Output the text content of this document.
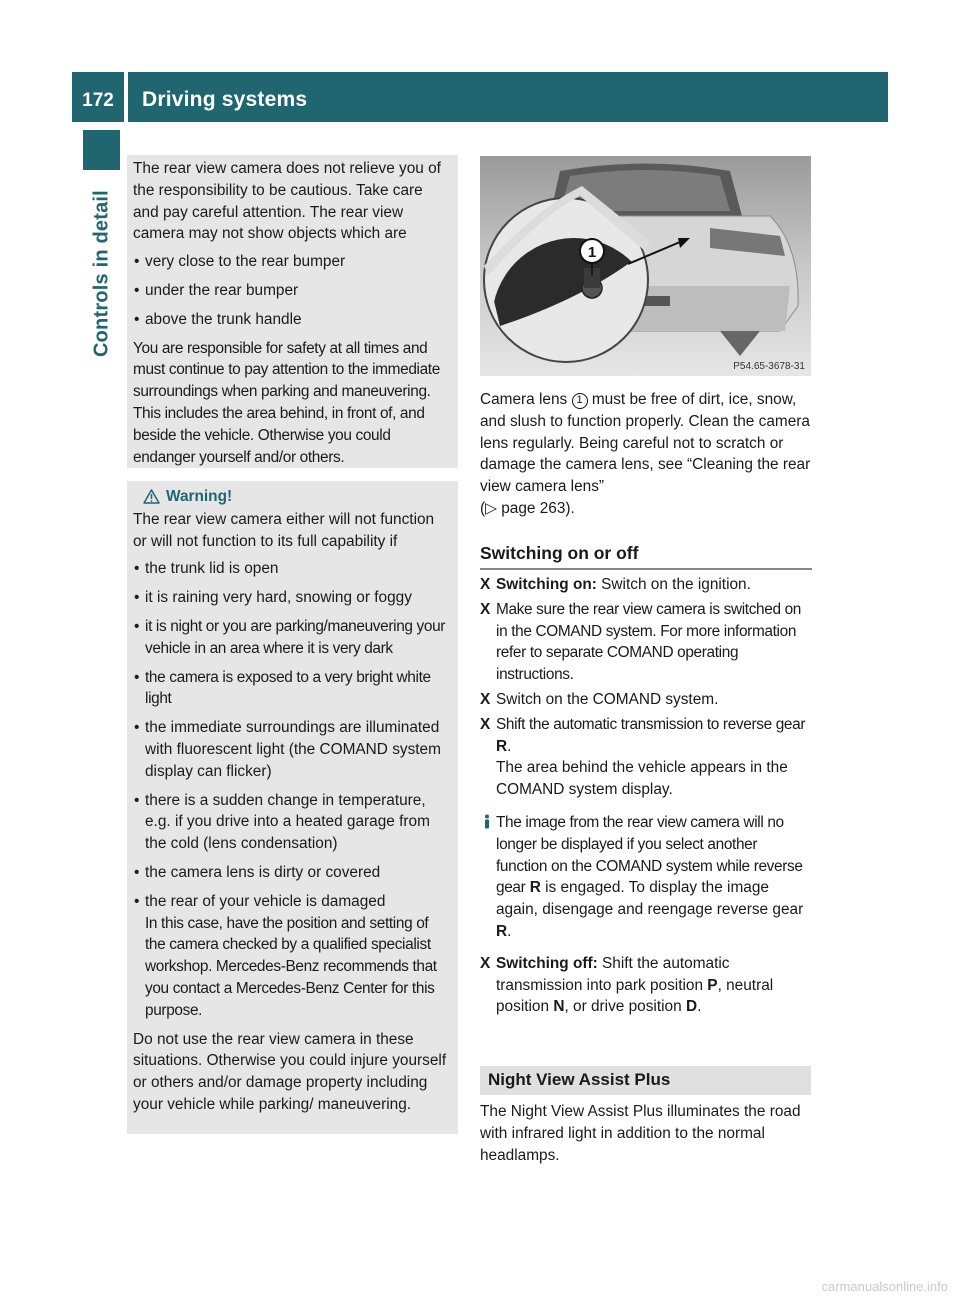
172	Driving systems
Controls in detail

The rear view camera does not relieve you of the responsibility to be cautious. Take care and pay careful attention. The rear view camera may not show objects which are

• very close to the rear bumper
• under the rear bumper
• above the trunk handle

You are responsible for safety at all times and must continue to pay attention to the immediate surroundings when parking and maneuvering. This includes the area behind, in front of, and beside the vehicle. Otherwise you could endanger yourself and/or others.

Warning!

The rear view camera either will not function or will not function to its full capability if

• the trunk lid is open
• it is raining very hard, snowing or foggy
• it is night or you are parking/maneuvering your vehicle in an area where it is very dark
• the camera is exposed to a very bright white light
• the immediate surroundings are illuminated with fluorescent light (the COMAND system display can flicker)
• there is a sudden change in temperature, e.g. if you drive into a heated garage from the cold (lens condensation)
• the camera lens is dirty or covered
• the rear of your vehicle is damaged

In this case, have the position and setting of the camera checked by a qualified specialist workshop. Mercedes-Benz recommends that you contact a Mercedes-Benz Center for this purpose.

Do not use the rear view camera in these situations. Otherwise you could injure yourself or others and/or damage property including your vehicle while parking/ maneuvering.

1
P54.65-3678-31
Camera lens 1 must be free of dirt, ice, snow, and slush to function properly. Clean the camera lens regularly. Being careful not to scratch or damage the camera lens, see “Cleaning the rear view camera lens”
(▷ page 263).
Switching on or off
X Switching on: Switch on the ignition.
X Make sure the rear view camera is switched on in the COMAND system. For more information refer to separate COMAND operating instructions.
X Switch on the COMAND system.
X Shift the automatic transmission to reverse gear R.
The area behind the vehicle appears in the COMAND system display.
The image from the rear view camera will no longer be displayed if you select another function on the COMAND system while reverse gear R is engaged. To display the image again, disengage and reengage reverse gear R.
X Switching off: Shift the automatic transmission into park position P, neutral position N, or drive position D.
Night View Assist Plus
The Night View Assist Plus illuminates the road with infrared light in addition to the normal headlamps.
carmanualsonline.info
